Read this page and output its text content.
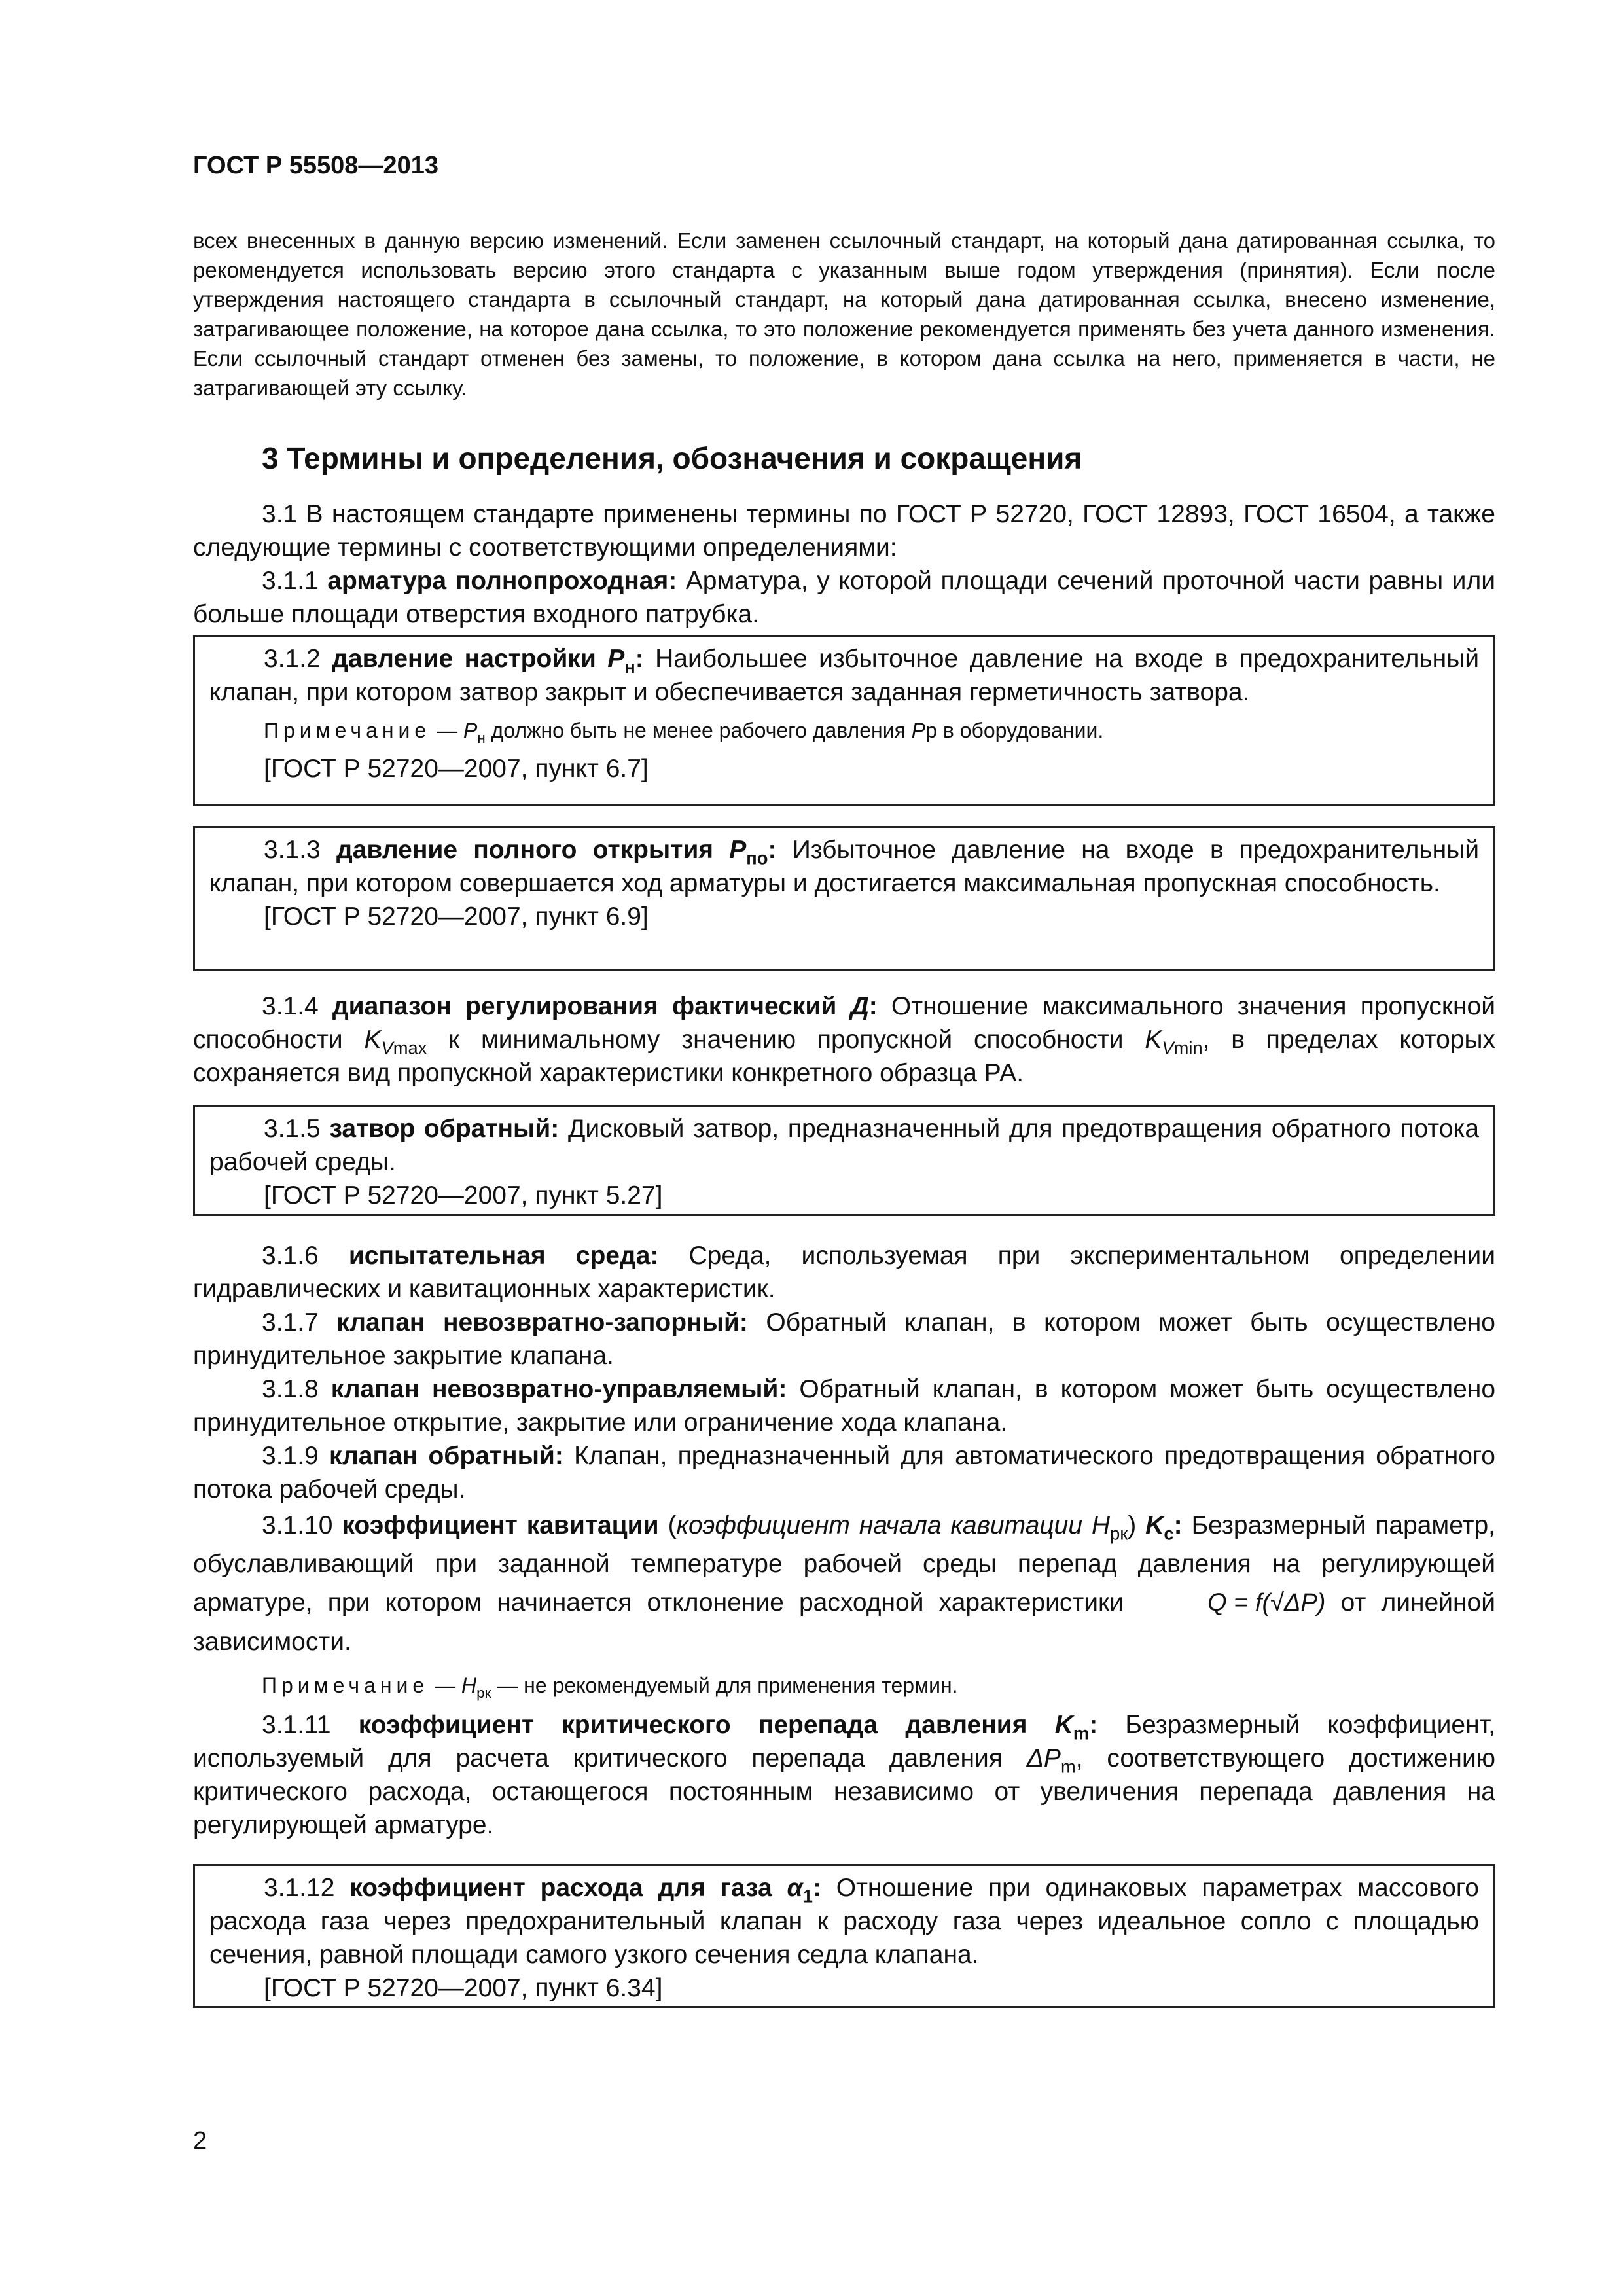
ГОСТ Р 55508—2013

всех внесенных в данную версию изменений. Если заменен ссылочный стандарт, на который дана датированная ссылка, то рекомендуется использовать версию этого стандарта с указанным выше годом утверждения (принятия). Если после утверждения настоящего стандарта в ссылочный стандарт, на который дана датированная ссылка, внесено изменение, затрагивающее положение, на которое дана ссылка, то это положение рекомендуется применять без учета данного изменения. Если ссылочный стандарт отменен без замены, то положение, в котором дана ссылка на него, применяется в части, не затрагивающей эту ссылку.

3 Термины и определения, обозначения и сокращения

3.1 В настоящем стандарте применены термины по ГОСТ Р 52720, ГОСТ 12893, ГОСТ 16504, а также следующие термины с соответствующими определениями:

3.1.1 арматура полнопроходная: Арматура, у которой площади сечений проточной части равны или больше площади отверстия входного патрубка.

3.1.2 давление настройки $P_н$: Наибольшее избыточное давление на входе в предохранительный клапан, при котором затвор закрыт и обеспечивается заданная герметичность затвора.

Примечание — $P_н$ должно быть не менее рабочего давления Pр в оборудовании.

[ГОСТ Р 52720—2007, пункт 6.7]

3.1.3 давление полного открытия $P_{по}$: Избыточное давление на входе в предохранительный клапан, при котором совершается ход арматуры и достигается максимальная пропускная способность.

[ГОСТ Р 52720—2007, пункт 6.9]

3.1.4 диапазон регулирования фактический Д: Отношение максимального значения пропускной способности $K_{Vmax}$ к минимальному значению пропускной способности $K_{Vmin}$, в пределах которых сохраняется вид пропускной характеристики конкретного образца РА.

3.1.5 затвор обратный: Дисковый затвор, предназначенный для предотвращения обратного потока рабочей среды.

[ГОСТ Р 52720—2007, пункт 5.27]

3.1.6 испытательная среда: Среда, используемая при экспериментальном определении гидравлических и кавитационных характеристик.

3.1.7 клапан невозвратно-запорный: Обратный клапан, в котором может быть осуществлено принудительное закрытие клапана.

3.1.8 клапан невозвратно-управляемый: Обратный клапан, в котором может быть осуществлено принудительное открытие, закрытие или ограничение хода клапана.

3.1.9 клапан обратный: Клапан, предназначенный для автоматического предотвращения обратного потока рабочей среды.

3.1.10 коэффициент кавитации (коэффициент начала кавитации $H_{рк}$) $K_c$: Безразмерный параметр, обуславливающий при заданной температуре рабочей среды перепад давления на регулирующей арматуре, при котором начинается отклонение расходной характеристики	Q = f(√ΔP) от линейной зависимости.

Примечание — $H_{рк}$ — не рекомендуемый для применения термин.

3.1.11 коэффициент критического перепада давления $K_m$: Безразмерный коэффициент, используемый для расчета критического перепада давления $\Delta P_m$, соответствующего достижению критического расхода, остающегося постоянным независимо от увеличения перепада давления на регулирующей арматуре.

3.1.12 коэффициент расхода для газа $\alpha_1$: Отношение при одинаковых параметрах массового расхода газа через предохранительный клапан к расходу газа через идеальное сопло с площадью сечения, равной площади самого узкого сечения седла клапана.

[ГОСТ Р 52720—2007, пункт 6.34]

2
